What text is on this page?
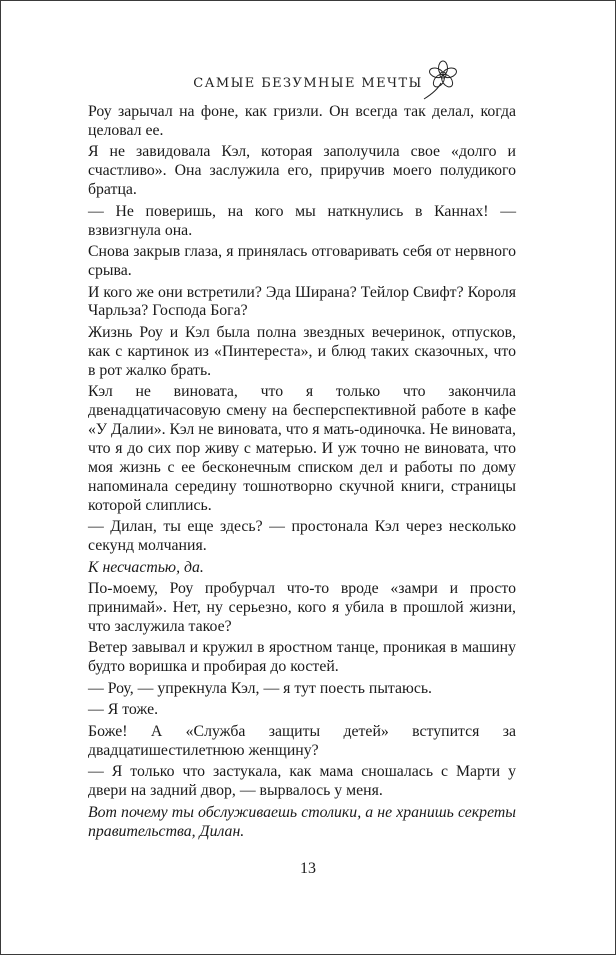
САМЫЕ БЕЗУМНЫЕ МЕЧТЫ

Роу зарычал на фоне, как гризли. Он всегда так делал, когда целовал ее.

Я не завидовала Кэл, которая заполучила свое «долго и счастливо». Она заслужила его, приручив моего полудикого братца.

— Не поверишь, на кого мы наткнулись в Каннах! — взвизгнула она.

Снова закрыв глаза, я принялась отговаривать себя от нервного срыва.

И кого же они встретили? Эда Ширана? Тейлор Свифт? Короля Чарльза? Господа Бога?

Жизнь Роу и Кэл была полна звездных вечеринок, отпусков, как с картинок из «Пинтереста», и блюд таких сказочных, что в рот жалко брать.

Кэл не виновата, что я только что закончила двенадцатичасовую смену на бесперспективной работе в кафе «У Далии». Кэл не виновата, что я мать-одиночка. Не виновата, что я до сих пор живу с матерью. И уж точно не виновата, что моя жизнь с ее бесконечным списком дел и работы по дому напоминала середину тошнотворно скучной книги, страницы которой слиплись.

— Дилан, ты еще здесь? — простонала Кэл через несколько секунд молчания.

К несчастью, да.

По-моему, Роу пробурчал что-то вроде «замри и просто принимай». Нет, ну серьезно, кого я убила в прошлой жизни, что заслужила такое?

Ветер завывал и кружил в яростном танце, проникая в машину будто воришка и пробирая до костей.

— Роу, — упрекнула Кэл, — я тут поесть пытаюсь.

— Я тоже.

Боже! А «Служба защиты детей» вступится за двадцатишестилетнюю женщину?

— Я только что застукала, как мама сношалась с Марти у двери на задний двор, — вырвалось у меня.

Вот почему ты обслуживаешь столики, а не хранишь секреты правительства, Дилан.

13
